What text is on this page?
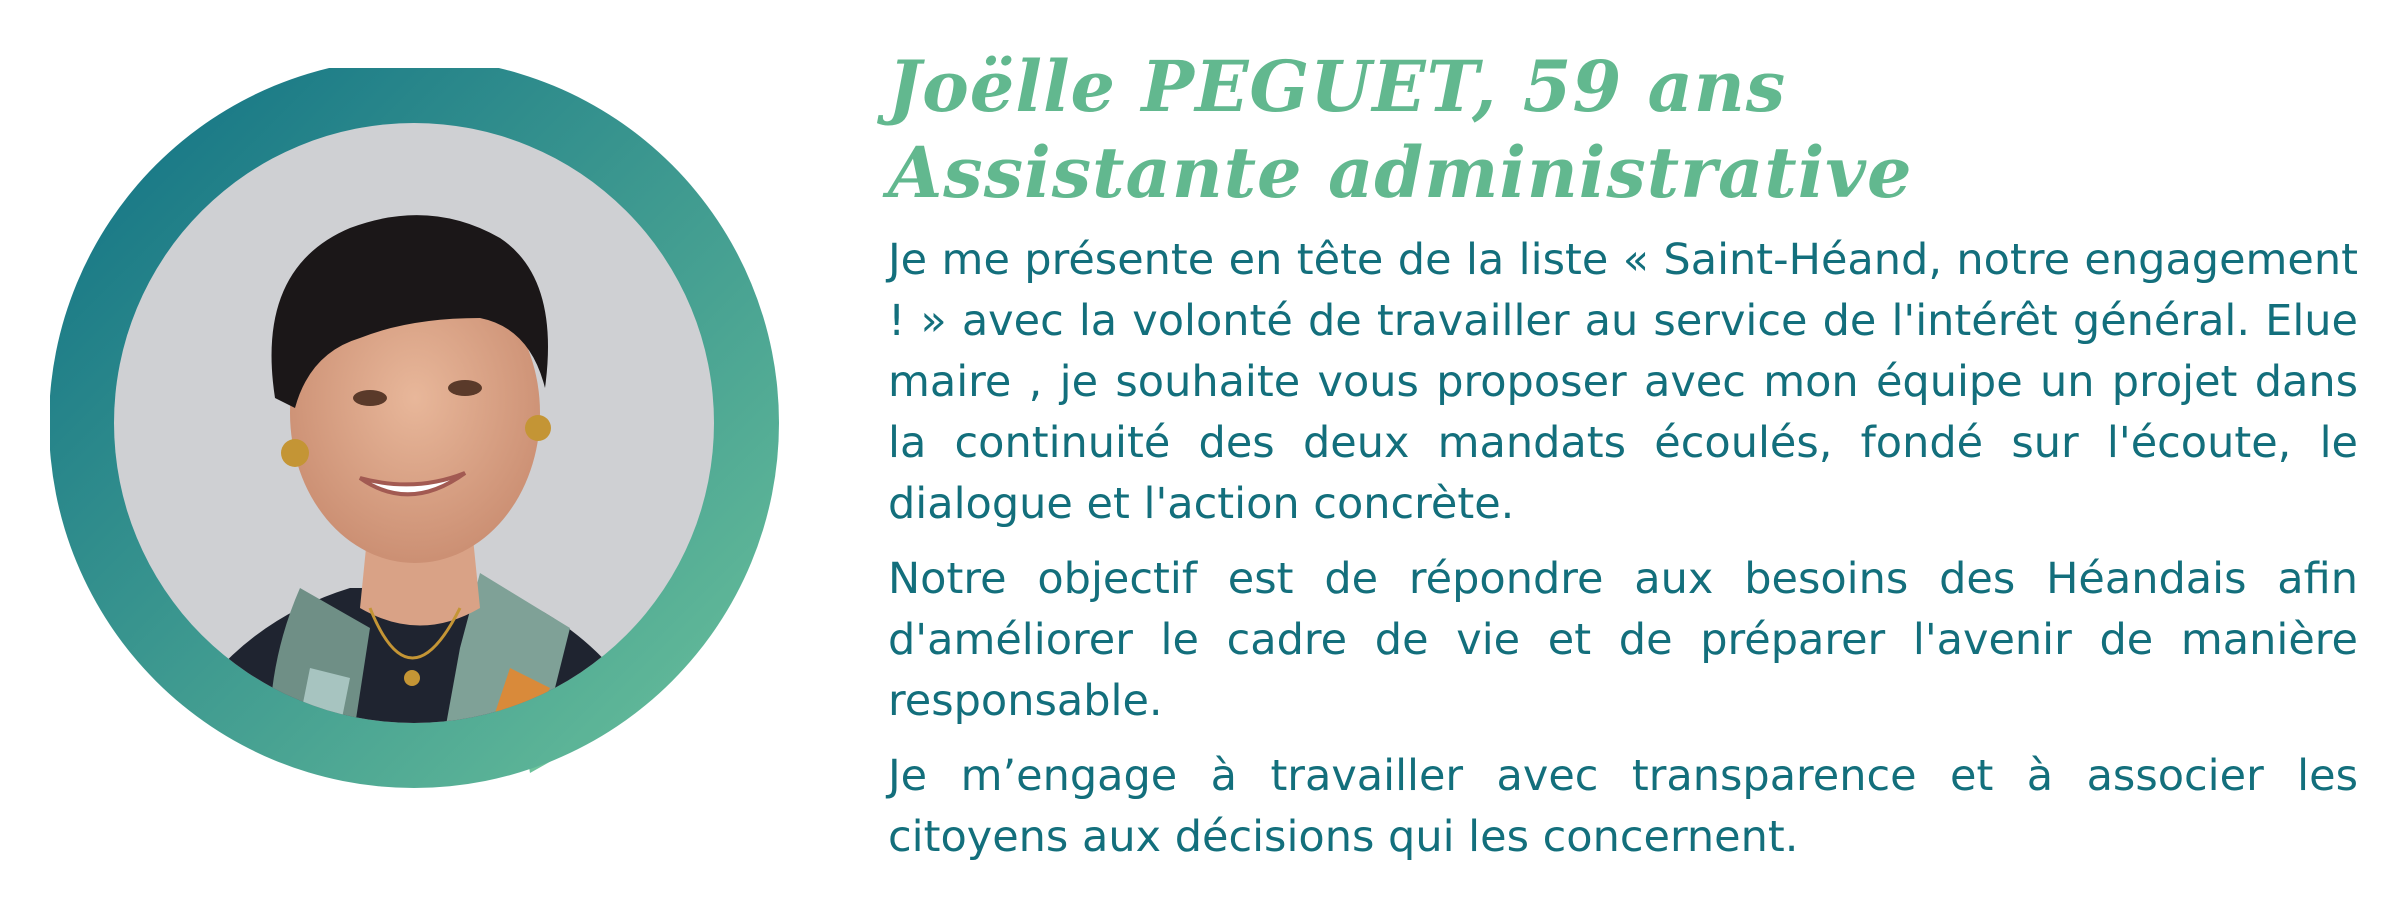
Joëlle PEGUET, 59 ans
Assistante administrative

Je me présente en tête de la liste « Saint-Héand, notre engagement ! » avec la volonté de travailler au service de l'intérêt général. Elue maire , je souhaite vous proposer avec mon équipe un projet dans la continuité des deux mandats écoulés, fondé sur l'écoute, le dialogue et l'action concrète.

Notre objectif est de répondre aux besoins des Héandais afin d'améliorer le cadre de vie et de préparer l'avenir de manière responsable.

Je m’engage à travailler avec transparence et à associer les citoyens aux décisions qui les concernent.
